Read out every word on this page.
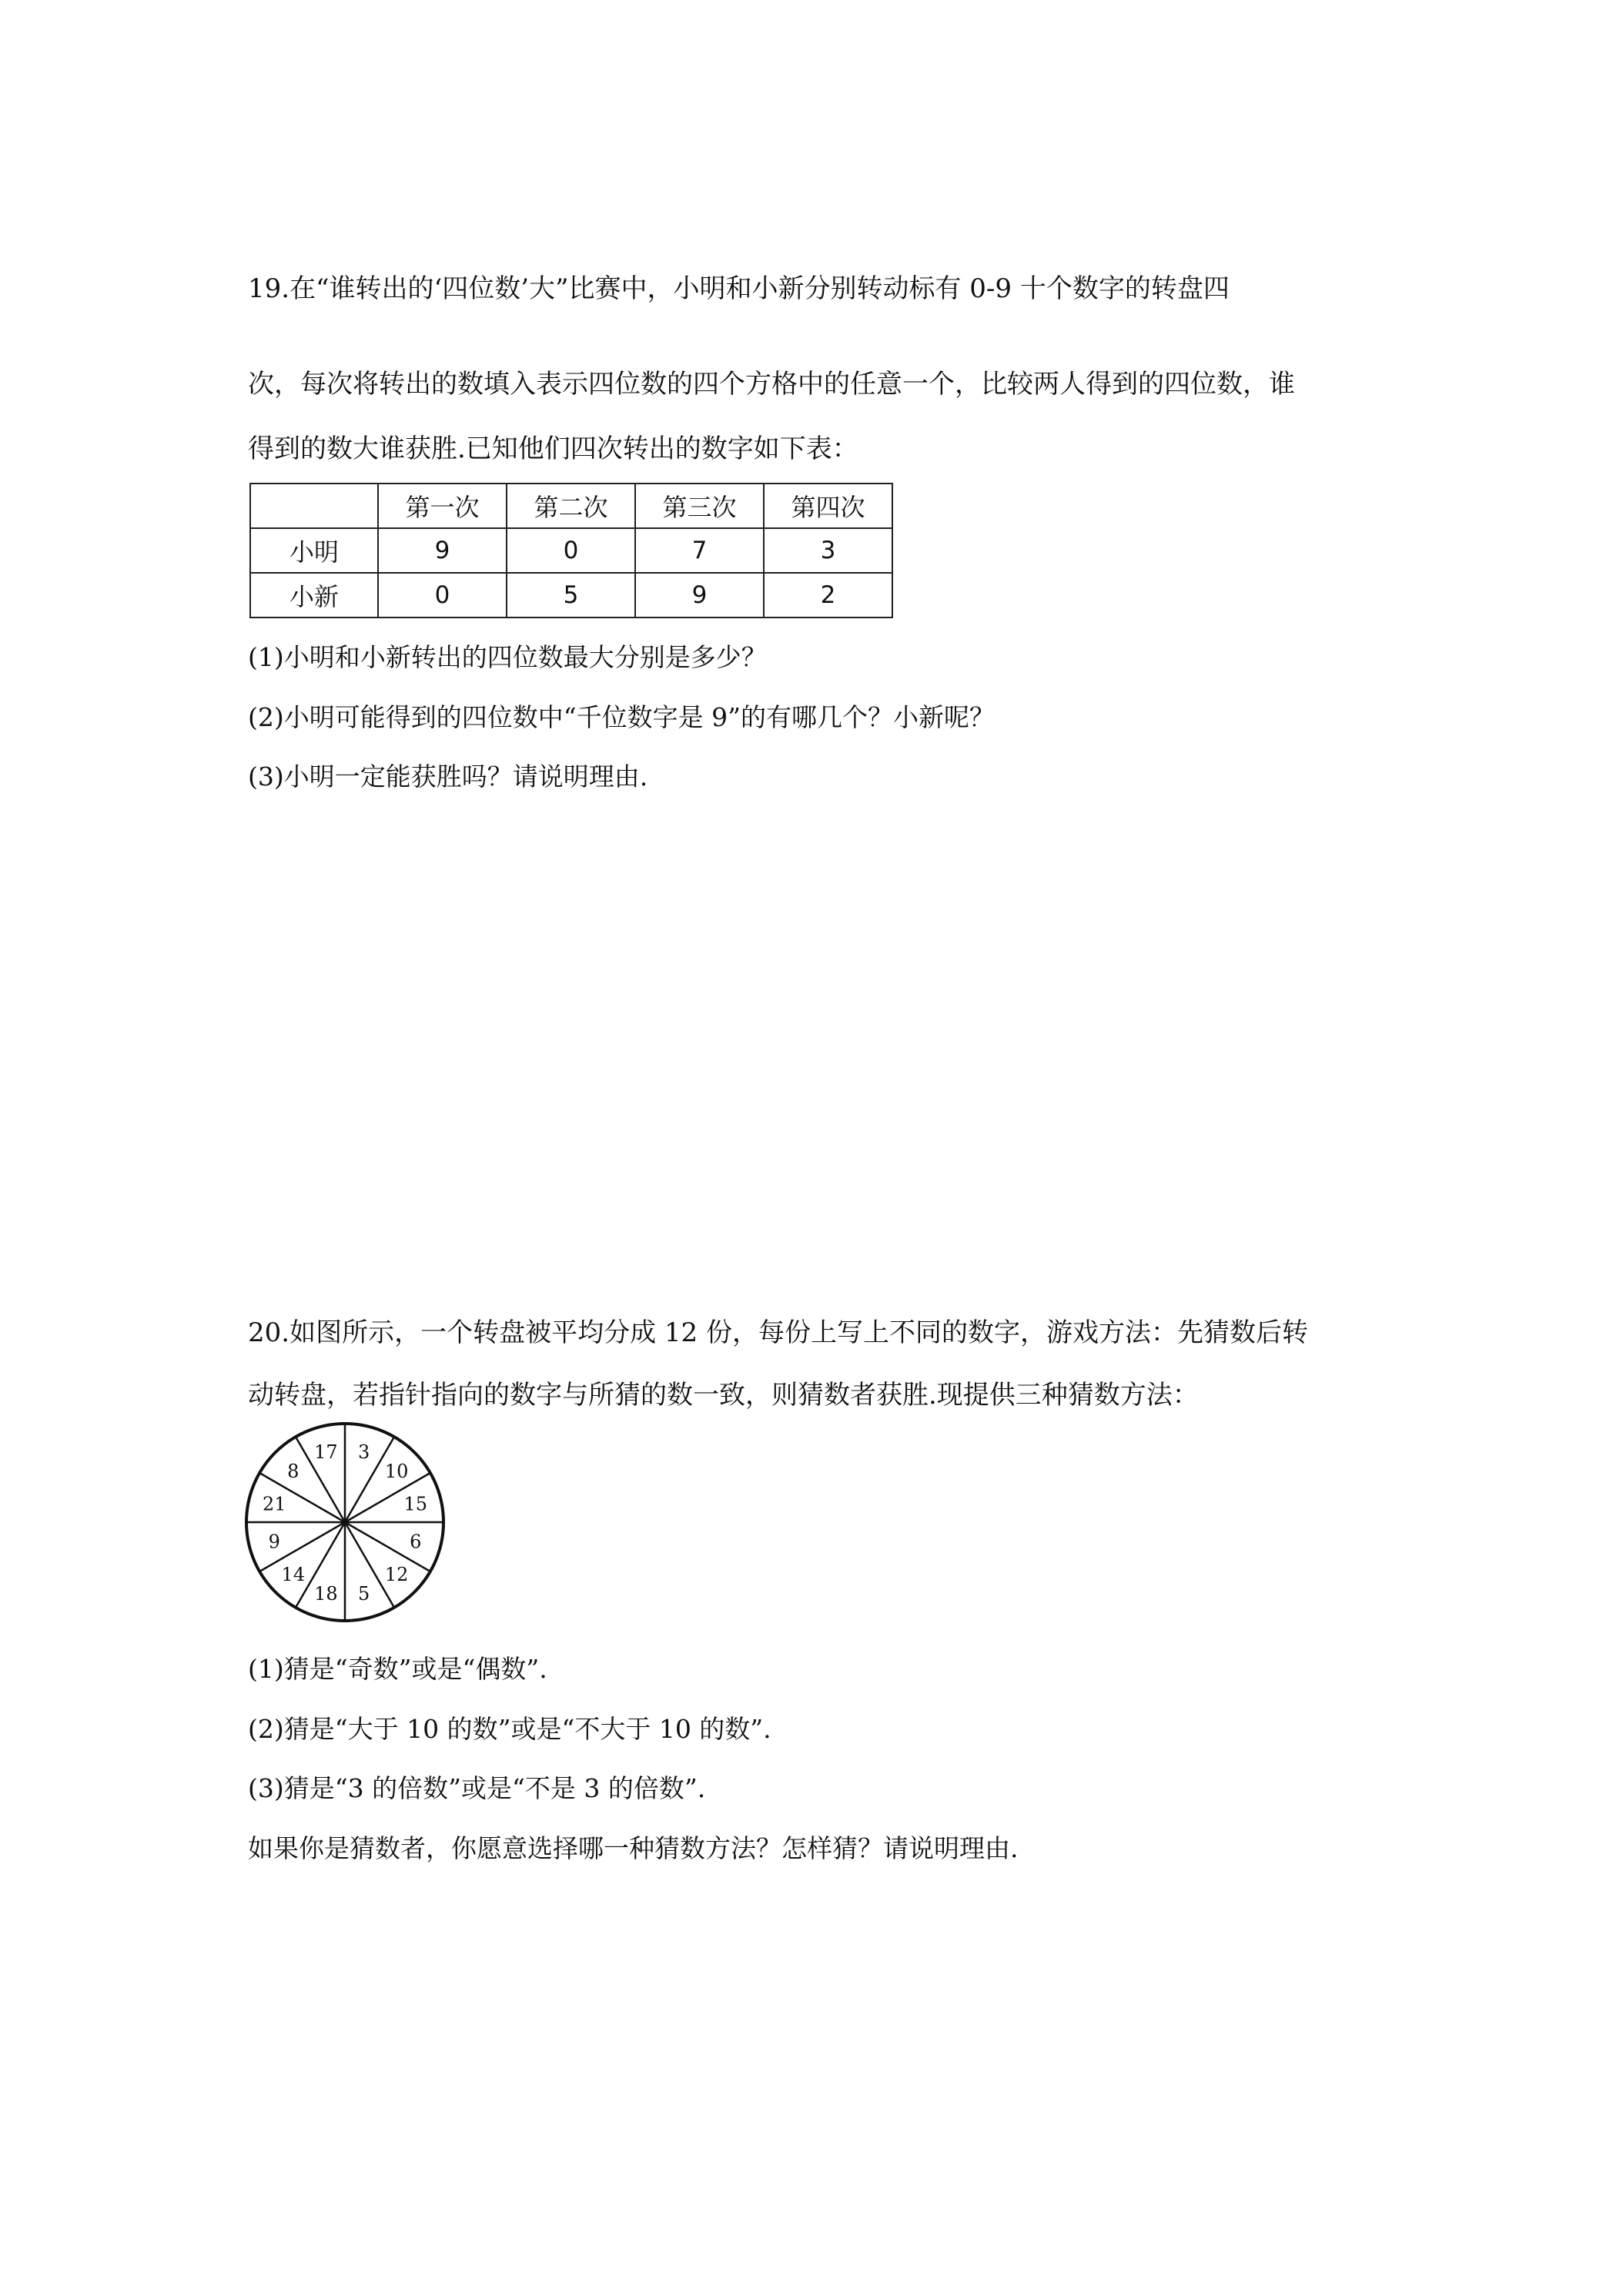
19.在“谁转出的‘四位数’大”比赛中，小明和小新分别转动标有 0-9 十个数字的转盘四

次，每次将转出的数填入表示四位数的四个方格中的任意一个，比较两人得到的四位数，谁

得到的数大谁获胜.已知他们四次转出的数字如下表：

	第一次	第二次	第三次	第四次
小明	9	0	7	3
小新	0	5	9	2

(1)小明和小新转出的四位数最大分别是多少？

(2)小明可能得到的四位数中“千位数字是 9”的有哪几个？小新呢？

(3)小明一定能获胜吗？请说明理由.

20.如图所示，一个转盘被平均分成 12 份，每份上写上不同的数字，游戏方法：先猜数后转

动转盘，若指针指向的数字与所猜的数一致，则猜数者获胜.现提供三种猜数方法：

3
10
15
6
12
5
18
14
9
21
8
17

(1)猜是“奇数”或是“偶数”.

(2)猜是“大于 10 的数”或是“不大于 10 的数”.

(3)猜是“3 的倍数”或是“不是 3 的倍数”.

如果你是猜数者，你愿意选择哪一种猜数方法？怎样猜？请说明理由.
